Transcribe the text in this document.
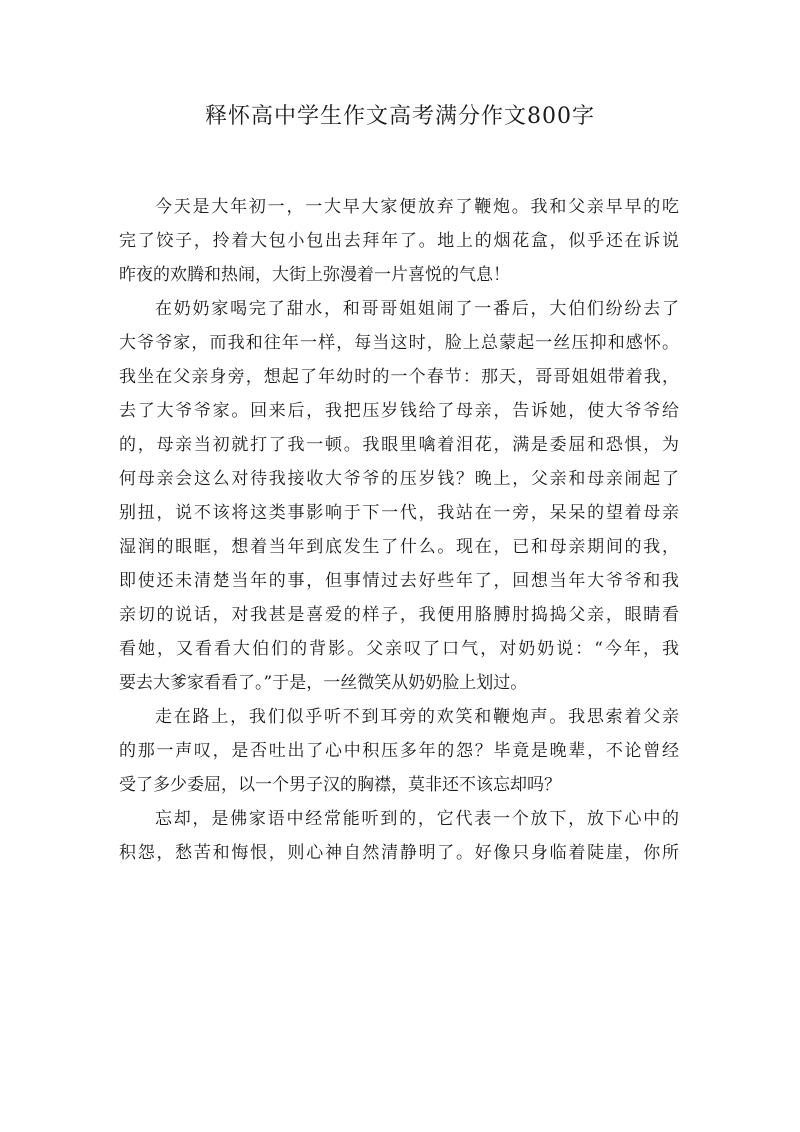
释怀高中学生作文高考满分作文800字
今天是大年初一，一大早大家便放弃了鞭炮。我和父亲早早的吃
完了饺子，拎着大包小包出去拜年了。地上的烟花盒，似乎还在诉说
昨夜的欢腾和热闹，大街上弥漫着一片喜悦的气息！
在奶奶家喝完了甜水，和哥哥姐姐闹了一番后，大伯们纷纷去了
大爷爷家，而我和往年一样，每当这时，脸上总蒙起一丝压抑和感怀。
我坐在父亲身旁，想起了年幼时的一个春节：那天，哥哥姐姐带着我，
去了大爷爷家。回来后，我把压岁钱给了母亲，告诉她，使大爷爷给
的，母亲当初就打了我一顿。我眼里噙着泪花，满是委屈和恐惧，为
何母亲会这么对待我接收大爷爷的压岁钱？晚上，父亲和母亲闹起了
别扭，说不该将这类事影响于下一代，我站在一旁，呆呆的望着母亲
湿润的眼眶，想着当年到底发生了什么。现在，已和母亲期间的我，
即使还未清楚当年的事，但事情过去好些年了，回想当年大爷爷和我
亲切的说话，对我甚是喜爱的样子，我便用胳膊肘捣捣父亲，眼睛看
看她，又看看大伯们的背影。父亲叹了口气，对奶奶说：“今年，我
要去大爹家看看了。”于是，一丝微笑从奶奶脸上划过。
走在路上，我们似乎听不到耳旁的欢笑和鞭炮声。我思索着父亲
的那一声叹，是否吐出了心中积压多年的怨？毕竟是晚辈，不论曾经
受了多少委屈，以一个男子汉的胸襟，莫非还不该忘却吗？
忘却，是佛家语中经常能听到的，它代表一个放下，放下心中的
积怨，愁苦和悔恨，则心神自然清静明了。好像只身临着陡崖，你所
